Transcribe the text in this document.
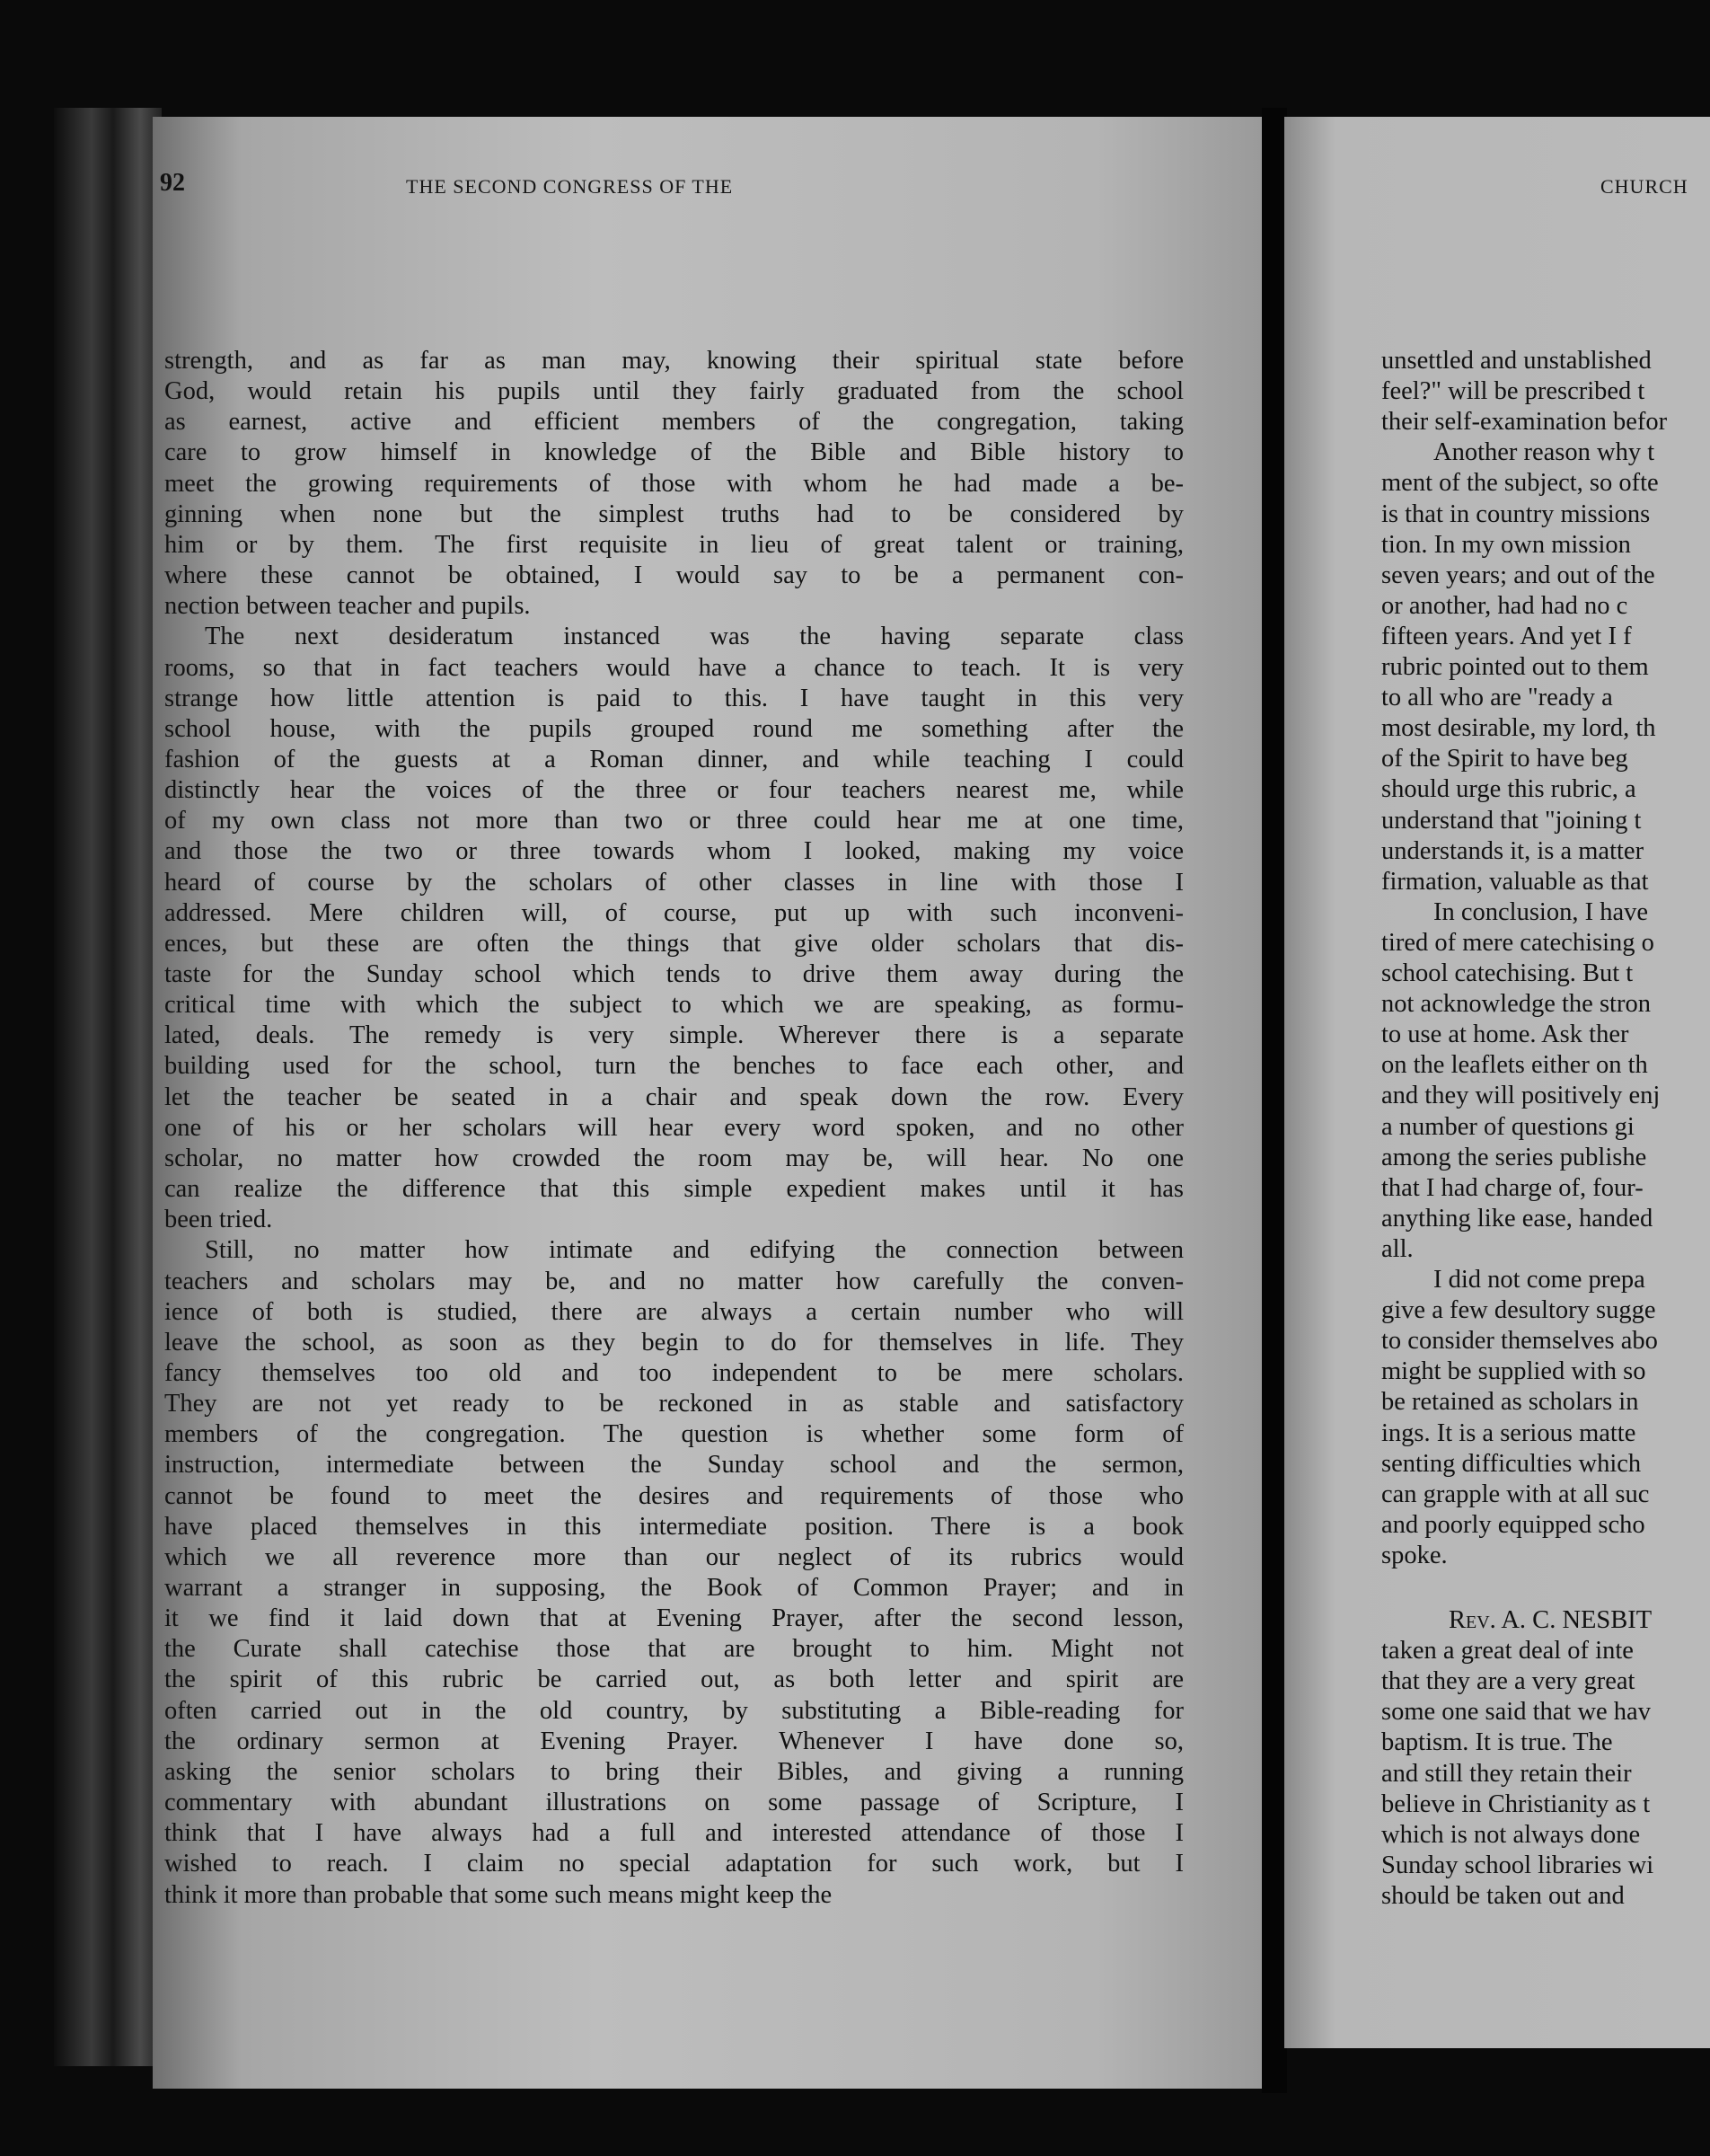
92	THE SECOND CONGRESS OF THE	CHURCH
strength, and as far as man may, knowing their spiritual state before
God, would retain his pupils until they fairly graduated from the school
as earnest, active and efficient members of the congregation, taking
care to grow himself in knowledge of the Bible and Bible history to
meet the growing requirements of those with whom he had made a be-
ginning when none but the simplest truths had to be considered by
him or by them. The first requisite in lieu of great talent or training,
where these cannot be obtained, I would say to be a permanent con-
nection between teacher and pupils.
The next desideratum instanced was the having separate class
rooms, so that in fact teachers would have a chance to teach. It is very
strange how little attention is paid to this. I have taught in this very
school house, with the pupils grouped round me something after the
fashion of the guests at a Roman dinner, and while teaching I could
distinctly hear the voices of the three or four teachers nearest me, while
of my own class not more than two or three could hear me at one time,
and those the two or three towards whom I looked, making my voice
heard of course by the scholars of other classes in line with those I
addressed. Mere children will, of course, put up with such inconveni-
ences, but these are often the things that give older scholars that dis-
taste for the Sunday school which tends to drive them away during the
critical time with which the subject to which we are speaking, as formu-
lated, deals. The remedy is very simple. Wherever there is a separate
building used for the school, turn the benches to face each other, and
let the teacher be seated in a chair and speak down the row. Every
one of his or her scholars will hear every word spoken, and no other
scholar, no matter how crowded the room may be, will hear. No one
can realize the difference that this simple expedient makes until it has
been tried.
Still, no matter how intimate and edifying the connection between
teachers and scholars may be, and no matter how carefully the conven-
ience of both is studied, there are always a certain number who will
leave the school, as soon as they begin to do for themselves in life. They
fancy themselves too old and too independent to be mere scholars.
They are not yet ready to be reckoned in as stable and satisfactory
members of the congregation. The question is whether some form of
instruction, intermediate between the Sunday school and the sermon,
cannot be found to meet the desires and requirements of those who
have placed themselves in this intermediate position. There is a book
which we all reverence more than our neglect of its rubrics would
warrant a stranger in supposing, the Book of Common Prayer; and in
it we find it laid down that at Evening Prayer, after the second lesson,
the Curate shall catechise those that are brought to him. Might not
the spirit of this rubric be carried out, as both letter and spirit are
often carried out in the old country, by substituting a Bible-reading for
the ordinary sermon at Evening Prayer. Whenever I have done so,
asking the senior scholars to bring their Bibles, and giving a running
commentary with abundant illustrations on some passage of Scripture, I
think that I have always had a full and interested attendance of those I
wished to reach. I claim no special adaptation for such work, but I
think it more than probable that some such means might keep the
unsettled and unstablished
feel?" will be prescribed t
their self-examination befor
Another reason why t
ment of the subject, so ofte
is that in country missions
tion. In my own mission
seven years; and out of the
or another, had had no c
fifteen years. And yet I f
rubric pointed out to them
to all who are "ready a
most desirable, my lord, th
of the Spirit to have beg
should urge this rubric, a
understand that "joining t
understands it, is a matter
firmation, valuable as that
In conclusion, I have
tired of mere catechising o
school catechising. But t
not acknowledge the stron
to use at home. Ask ther
on the leaflets either on th
and they will positively enj
a number of questions gi
among the series publishe
that I had charge of, four-
anything like ease, handed
all.
I did not come prepa
give a few desultory sugge
to consider themselves abo
might be supplied with so
be retained as scholars in
ings. It is a serious matte
senting difficulties which
can grapple with at all suc
and poorly equipped scho
spoke.
Rev. A. C. NESBIT
taken a great deal of inte
that they are a very great
some one said that we hav
baptism. It is true. The
and still they retain their
believe in Christianity as t
which is not always done
Sunday school libraries wi
should be taken out and
